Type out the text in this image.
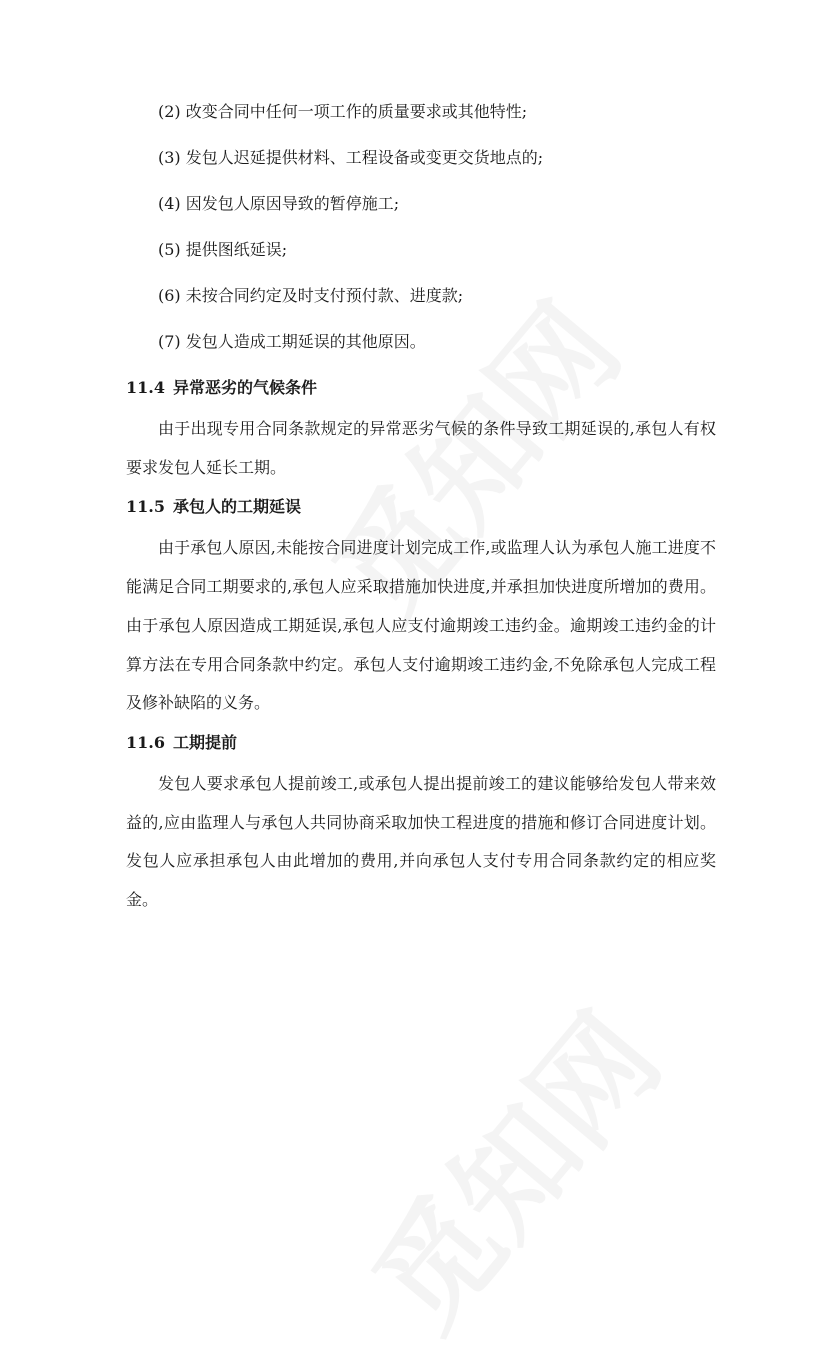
(2) 改变合同中任何一项工作的质量要求或其他特性;
(3) 发包人迟延提供材料、工程设备或变更交货地点的;
(4) 因发包人原因导致的暂停施工;
(5) 提供图纸延误;
(6) 未按合同约定及时支付预付款、进度款;
(7) 发包人造成工期延误的其他原因。
11.4 异常恶劣的气候条件
由于出现专用合同条款规定的异常恶劣气候的条件导致工期延误的,承包人有权要求发包人延长工期。
11.5 承包人的工期延误
由于承包人原因,未能按合同进度计划完成工作,或监理人认为承包人施工进度不能满足合同工期要求的,承包人应采取措施加快进度,并承担加快进度所增加的费用。由于承包人原因造成工期延误,承包人应支付逾期竣工违约金。逾期竣工违约金的计算方法在专用合同条款中约定。承包人支付逾期竣工违约金,不免除承包人完成工程及修补缺陷的义务。
11.6 工期提前
发包人要求承包人提前竣工,或承包人提出提前竣工的建议能够给发包人带来效益的,应由监理人与承包人共同协商采取加快工程进度的措施和修订合同进度计划。发包人应承担承包人由此增加的费用,并向承包人支付专用合同条款约定的相应奖金。
